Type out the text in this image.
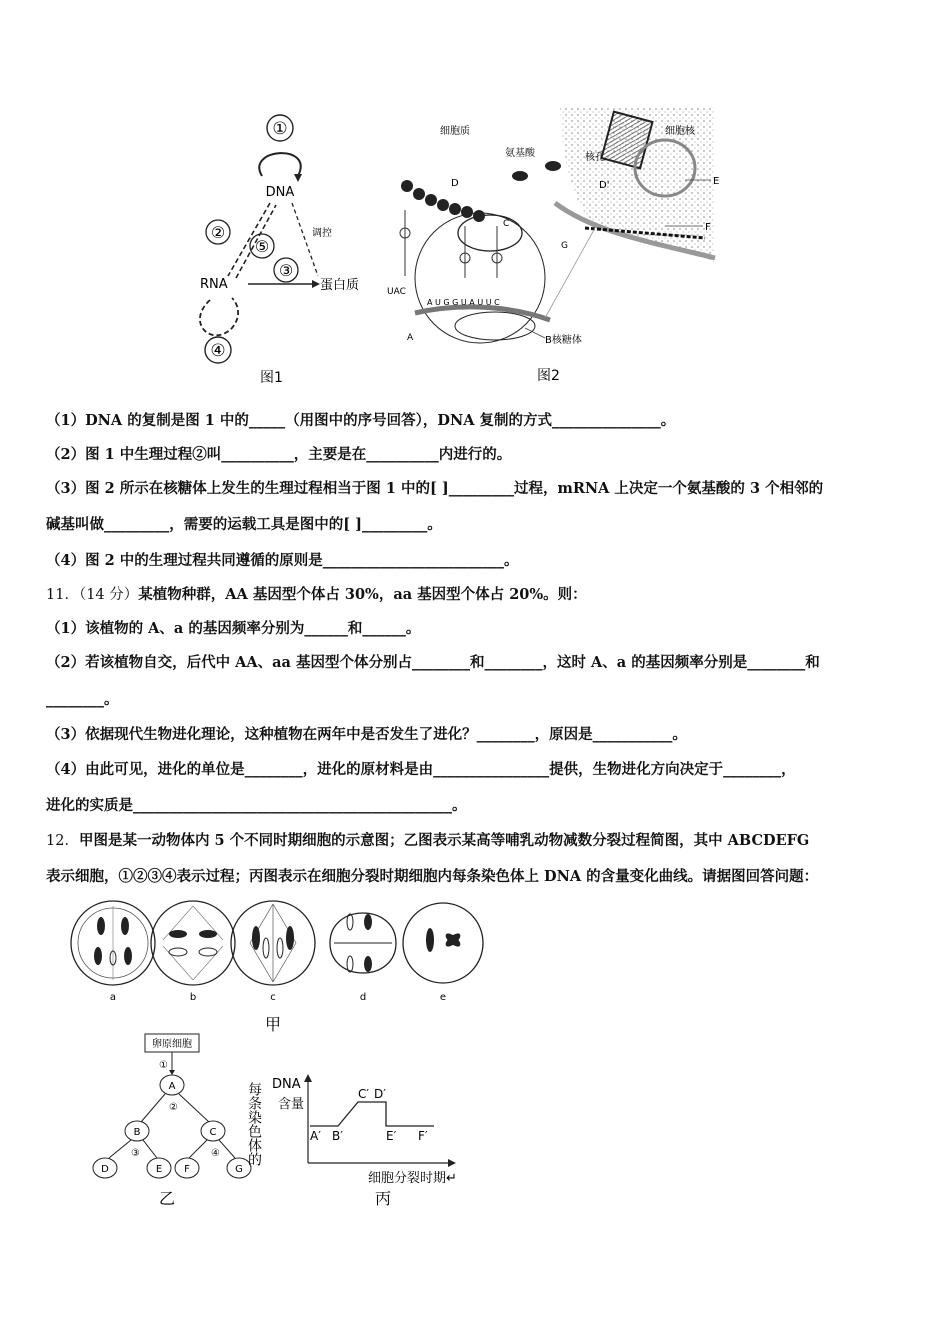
①
DNA
调控
②
⑤
③
RNA	蛋白质
④
图1
细胞核
核孔
D'	E
F
细胞质
氨基酸
D
UAC
C
G
A U G G U A U U C
A	B核糖体
图2
（1）DNA 的复制是图 1 中的_____（用图中的序号回答），DNA 复制的方式_______________。
（2）图 1 中生理过程②叫__________，主要是在__________内进行的。
（3）图 2 所示在核糖体上发生的生理过程相当于图 1 中的[ ]_________过程，mRNA 上决定一个氨基酸的 3 个相邻的
碱基叫做_________，需要的运载工具是图中的[ ]_________。
（4）图 2 中的生理过程共同遵循的原则是_________________________。
11．（14 分）某植物种群，AA 基因型个体占 30%，aa 基因型个体占 20%。则：
（1）该植物的 A、a 的基因频率分别为______和______。
（2）若该植物自交，后代中 AA、aa 基因型个体分别占________和________，这时 A、a 的基因频率分别是________和
________。
（3）依据现代生物进化理论，这种植物在两年中是否发生了进化？________，原因是___________。
（4）由此可见，进化的单位是________，进化的原材料是由________________提供，生物进化方向决定于________，
进化的实质是____________________________________________。
12．甲图是某一动物体内 5 个不同时期细胞的示意图；乙图表示某高等哺乳动物减数分裂过程简图，其中 ABCDEFG
表示细胞，①②③④表示过程；丙图表示在细胞分裂时期细胞内每条染色体上 DNA 的含量变化曲线。请据图回答问题：
a	b	c	d	e
甲
卵原细胞
①
A
②
B	C
③	④
D	E F	G
乙
每条染色体的 DNA
含量
A′ B′
C′ D′
E′ F′
细胞分裂时期↵
丙
